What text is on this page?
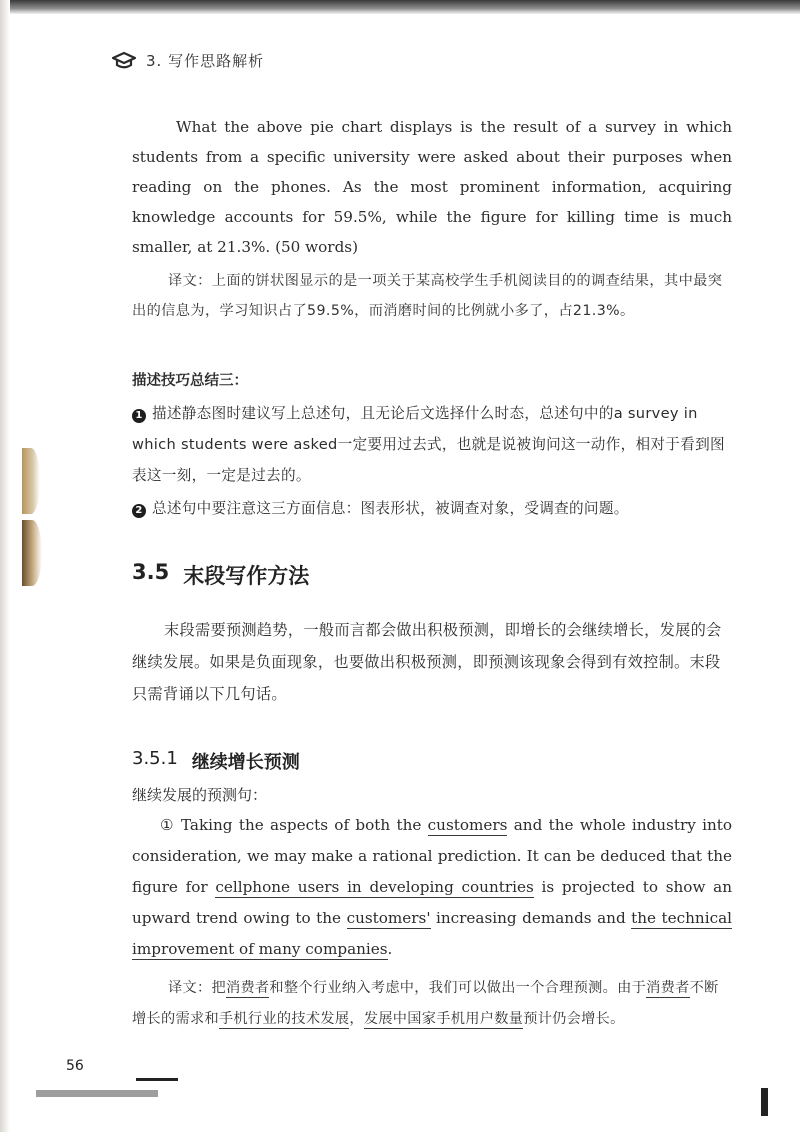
3. 写作思路解析

What the above pie chart displays is the result of a survey in which students from a specific university were asked about their purposes when reading on the phones. As the most prominent information, acquiring knowledge accounts for 59.5%, while the figure for killing time is much smaller, at 21.3%. (50 words)

译文：上面的饼状图显示的是一项关于某高校学生手机阅读目的的调查结果，其中最突出的信息为，学习知识占了59.5%，而消磨时间的比例就小多了，占21.3%。

描述技巧总结三：

1 描述静态图时建议写上总述句，且无论后文选择什么时态，总述句中的a survey in which students were asked一定要用过去式，也就是说被询问这一动作，相对于看到图表这一刻，一定是过去的。

2 总述句中要注意这三方面信息：图表形状，被调查对象，受调查的问题。

3.5 末段写作方法

末段需要预测趋势，一般而言都会做出积极预测，即增长的会继续增长，发展的会继续发展。如果是负面现象，也要做出积极预测，即预测该现象会得到有效控制。末段只需背诵以下几句话。

3.5.1 继续增长预测

继续发展的预测句：

① Taking the aspects of both the customers and the whole industry into consideration, we may make a rational prediction. It can be deduced that the figure for cellphone users in developing countries is projected to show an upward trend owing to the customers' increasing demands and the technical improvement of many companies.

译文：把消费者和整个行业纳入考虑中，我们可以做出一个合理预测。由于消费者不断增长的需求和手机行业的技术发展，发展中国家手机用户数量预计仍会增长。

56
